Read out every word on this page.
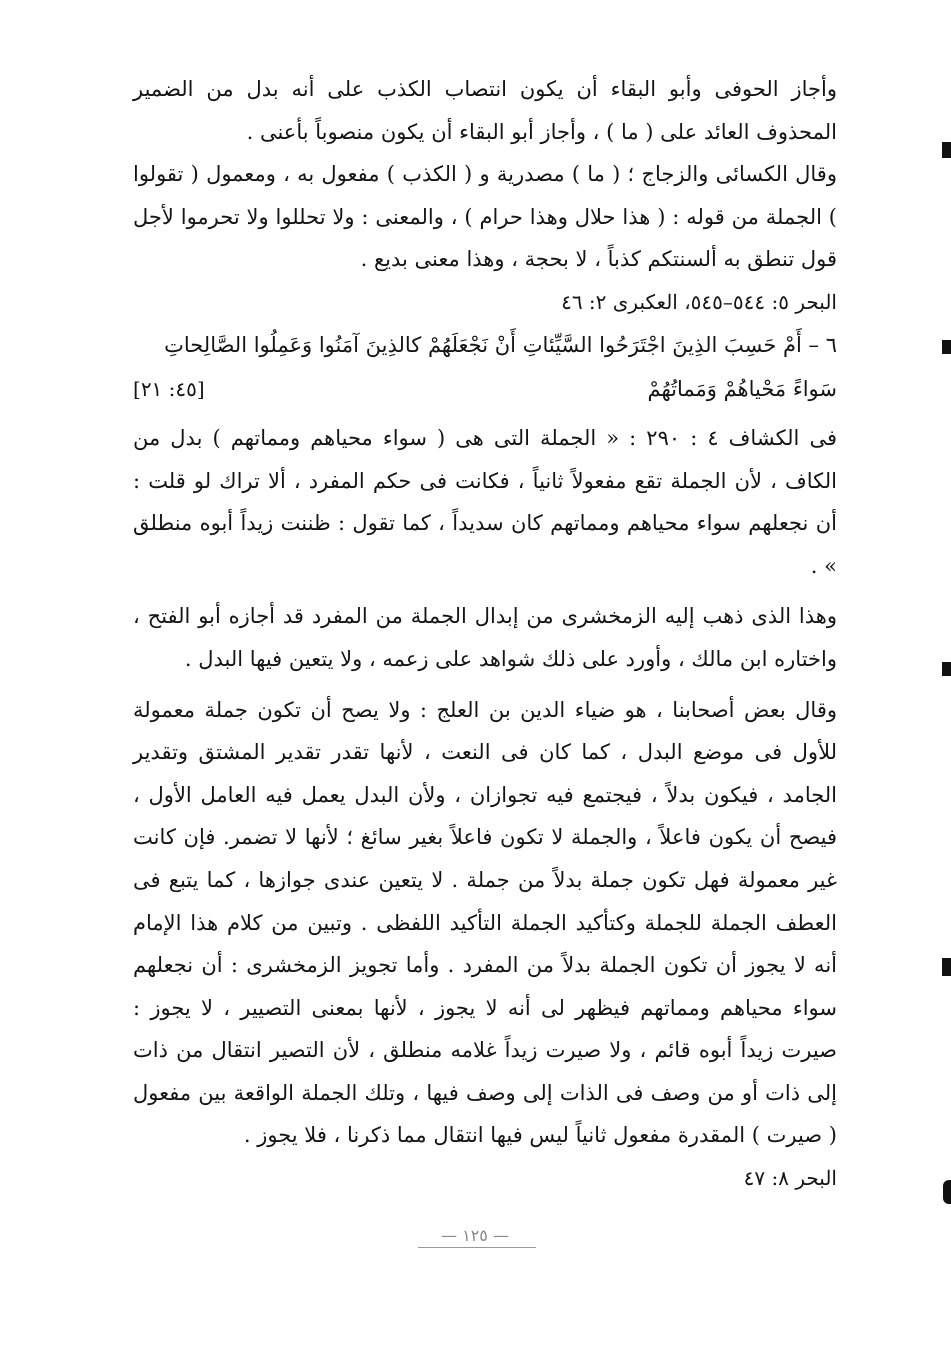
وأجاز الحوفى وأبو البقاء أن يكون انتصاب الكذب على أنه بدل من الضمير المحذوف العائد على ( ما ) ، وأجاز أبو البقاء أن يكون منصوباً بأعنى .

وقال الكسائى والزجاج ؛ ( ما ) مصدرية و ( الكذب ) مفعول به ، ومعمول ( تقولوا ) الجملة من قوله : ( هذا حلال وهذا حرام ) ، والمعنى : ولا تحللوا ولا تحرموا لأجل قول تنطق به ألسنتكم كذباً ، لا بحجة ، وهذا معنى بديع .

البحر ٥: ٥٤٤–٥٤٥، العكبرى ٢: ٤٦

٦ – أَمْ حَسِبَ الذِينَ اجْتَرَحُوا السَّيِّئاتِ أَنْ نَجْعَلَهُمْ كالذِينَ آمَنُوا وَعَمِلُوا الصَّالِحاتِ

سَواءً مَحْياهُمْ وَمَماتُهُمْ
[٤٥: ٢١]

فى الكشاف ٤ : ٢٩٠ : « الجملة التى هى ( سواء محياهم ومماتهم ) بدل من الكاف ، لأن الجملة تقع مفعولاً ثانياً ، فكانت فى حكم المفرد ، ألا تراك لو قلت : أن نجعلهم سواء محياهم ومماتهم كان سديداً ، كما تقول : ظننت زيداً أبوه منطلق » .

وهذا الذى ذهب إليه الزمخشرى من إبدال الجملة من المفرد قد أجازه أبو الفتح ، واختاره ابن مالك ، وأورد على ذلك شواهد على زعمه ، ولا يتعين فيها البدل .

وقال بعض أصحابنا ، هو ضياء الدين بن العلج : ولا يصح أن تكون جملة معمولة للأول فى موضع البدل ، كما كان فى النعت ، لأنها تقدر تقدير المشتق وتقدير الجامد ، فيكون بدلاً ، فيجتمع فيه تجوازان ، ولأن البدل يعمل فيه العامل الأول ، فيصح أن يكون فاعلاً ، والجملة لا تكون فاعلاً بغير سائغ ؛ لأنها لا تضمر. فإن كانت غير معمولة فهل تكون جملة بدلاً من جملة . لا يتعين عندى جوازها ، كما يتبع فى العطف الجملة للجملة وكتأكيد الجملة التأكيد اللفظى . وتبين من كلام هذا الإمام أنه لا يجوز أن تكون الجملة بدلاً من المفرد . وأما تجويز الزمخشرى : أن نجعلهم سواء محياهم ومماتهم فيظهر لى أنه لا يجوز ، لأنها بمعنى التصيير ، لا يجوز : صيرت زيداً أبوه قائم ، ولا صيرت زيداً غلامه منطلق ، لأن التصير انتقال من ذات إلى ذات أو من وصف فى الذات إلى وصف فيها ، وتلك الجملة الواقعة بين مفعول ( صيرت ) المقدرة مفعول ثانياً ليس فيها انتقال مما ذكرنا ، فلا يجوز .

البحر ٨: ٤٧

— ١٢٥ —
